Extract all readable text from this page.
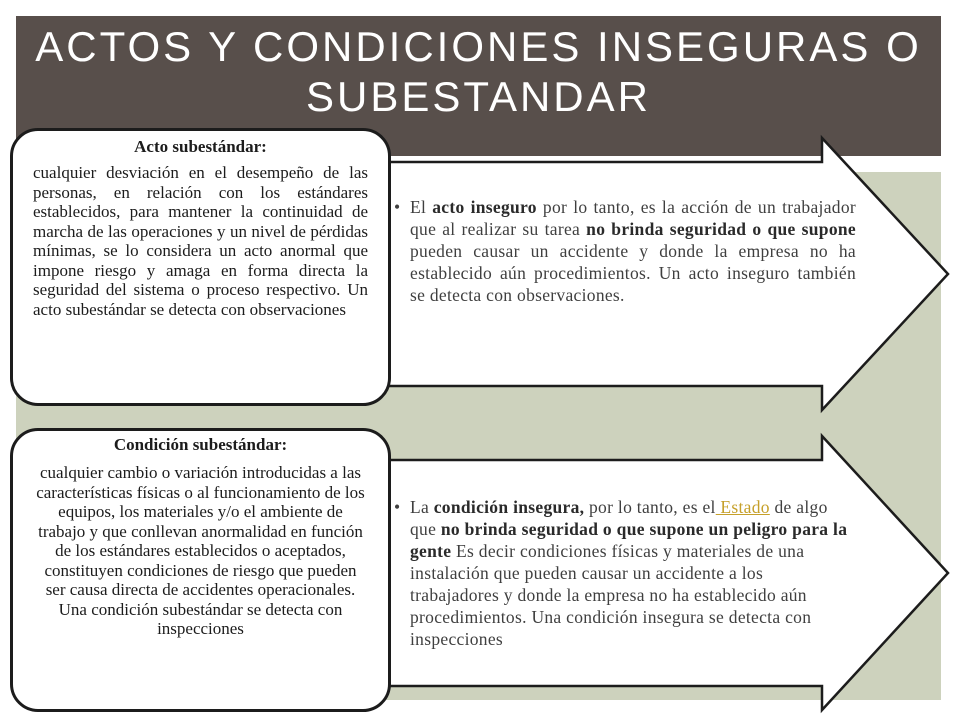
ACTOS Y CONDICIONES INSEGURAS O SUBESTANDAR
• El acto inseguro por lo tanto, es la acción de un trabajador que al realizar su tarea no brinda seguridad o que supone pueden causar un accidente y donde la empresa no ha establecido aún procedimientos. Un acto inseguro también se detecta con observaciones.
• La condición insegura, por lo tanto, es el Estado de algo que no brinda seguridad o que supone un peligro para la gente Es decir condiciones físicas y materiales de una instalación que pueden causar un accidente a los trabajadores y donde la empresa no ha establecido aún procedimientos. Una condición insegura se detecta con inspecciones
Acto subestándar:
cualquier desviación en el desempeño de las personas, en relación con los estándares establecidos, para mantener la continuidad de marcha de las operaciones y un nivel de pérdidas mínimas, se lo considera un acto anormal que impone riesgo y amaga en forma directa la seguridad del sistema o proceso respectivo. Un acto subestándar se detecta con observaciones
Condición subestándar:
cualquier cambio o variación introducidas a las características físicas o al funcionamiento de los equipos, los materiales y/o el ambiente de trabajo y que conllevan anormalidad en función de los estándares establecidos o aceptados, constituyen condiciones de riesgo que pueden ser causa directa de accidentes operacionales. Una condición subestándar se detecta con inspecciones
